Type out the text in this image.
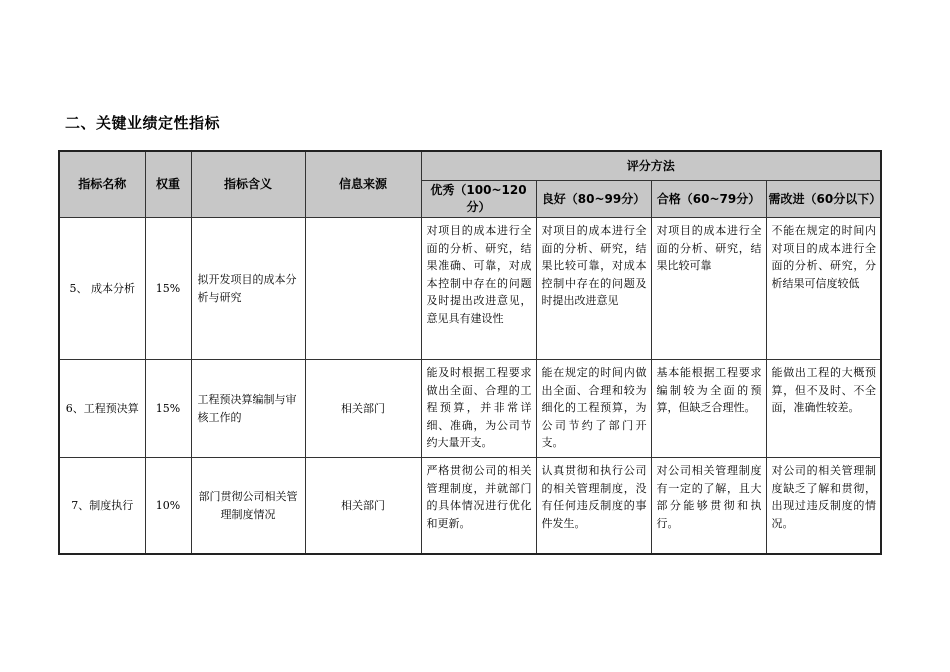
二、关键业绩定性指标
指标名称	权重	指标含义	信息来源	评分方法			
				优秀（100~120分）	良好（80~99分）	合格（60~79分）	需改进（60分以下）
5、 成本分析	15%	拟开发项目的成本分析与研究		对项目的成本进行全面的分析、研究，结果准确、可靠，对成本控制中存在的问题及时提出改进意见，意见具有建设性	对项目的成本进行全面的分析、研究，结果比较可靠，对成本控制中存在的问题及时提出改进意见	对项目的成本进行全面的分析、研究，结果比较可靠	不能在规定的时间内对项目的成本进行全面的分析、研究，分析结果可信度较低
6、工程预决算	15%	工程预决算编制与审核工作的	相关部门	能及时根据工程要求做出全面、合理的工程预算，并非常详细、准确，为公司节约大量开支。	能在规定的时间内做出全面、合理和较为细化的工程预算，为公司节约了部门开支。	基本能根据工程要求编制较为全面的预算，但缺乏合理性。	能做出工程的大概预算，但不及时、不全面，准确性较差。
7、制度执行	10%	部门贯彻公司相关管理制度情况	相关部门	严格贯彻公司的相关管理制度，并就部门的具体情况进行优化和更新。	认真贯彻和执行公司的相关管理制度，没有任何违反制度的事件发生。	对公司相关管理制度有一定的了解，且大部分能够贯彻和执行。	对公司的相关管理制度缺乏了解和贯彻，出现过违反制度的情况。
